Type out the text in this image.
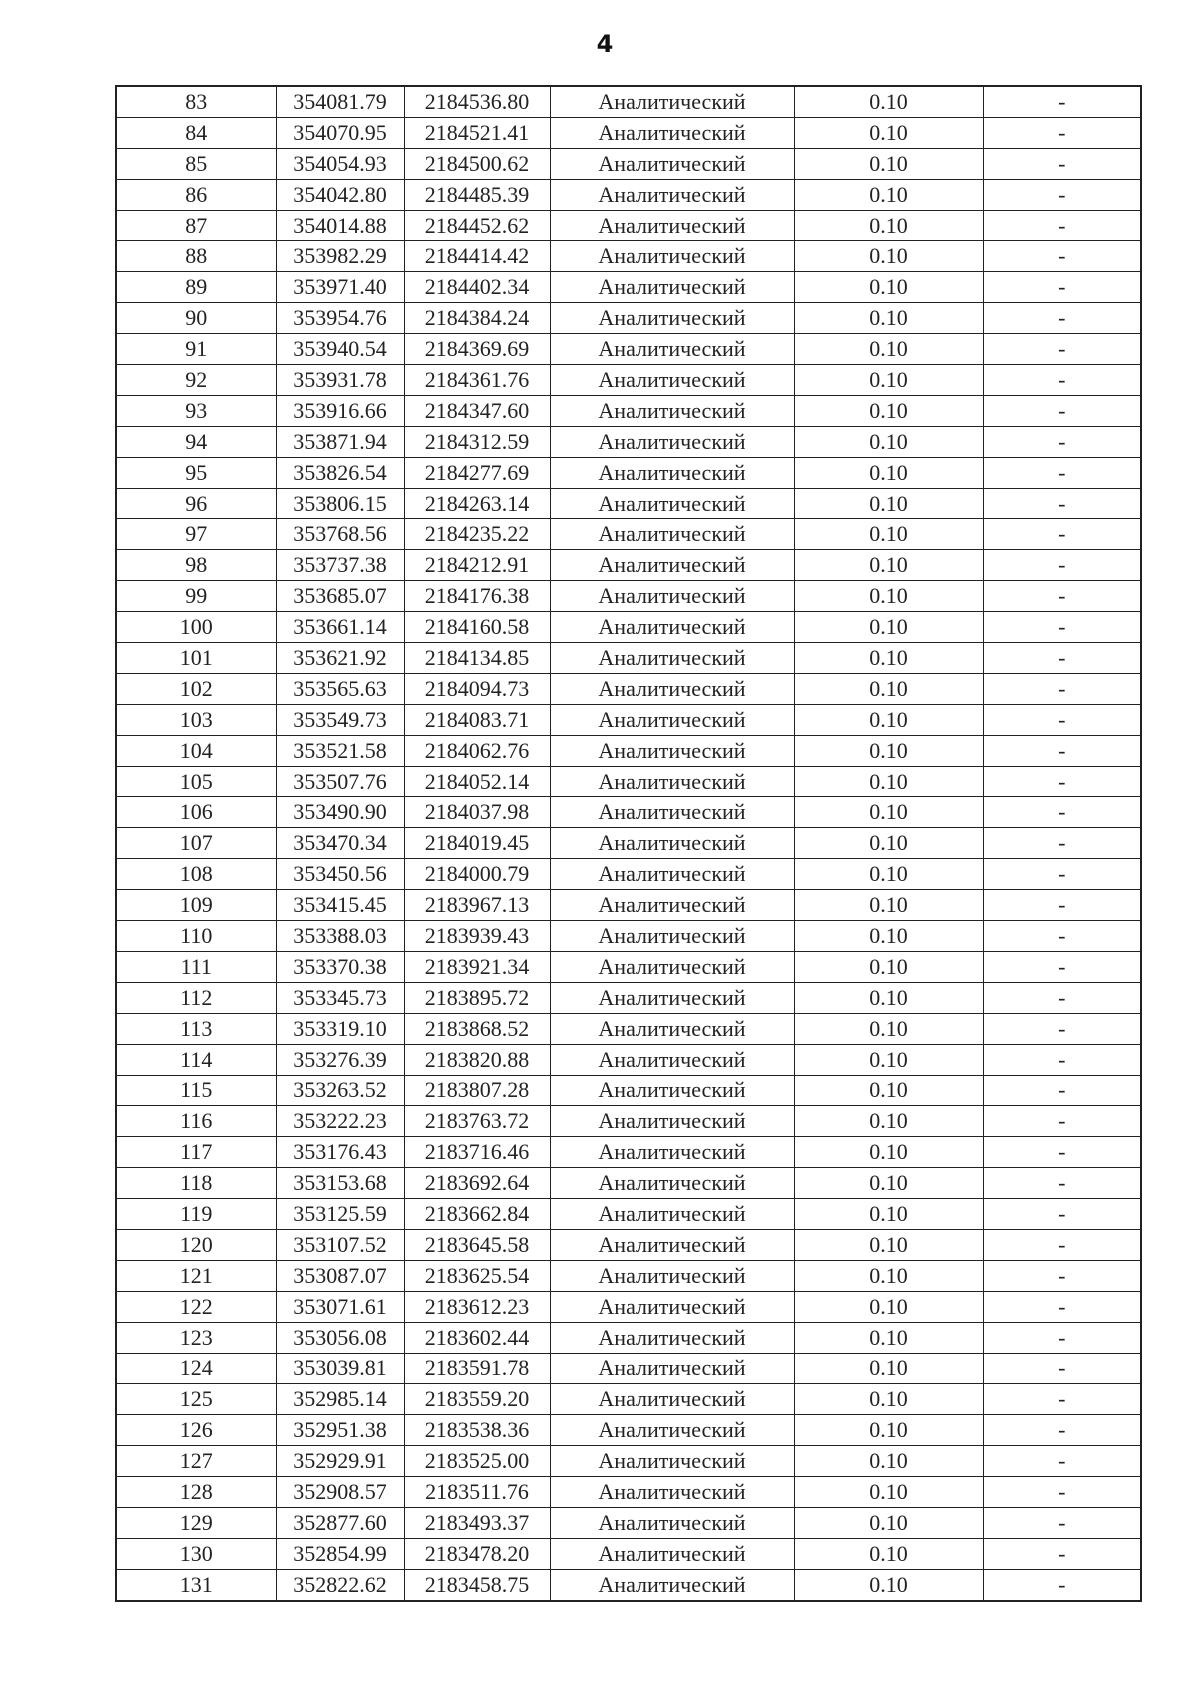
4
83	354081.79	2184536.80	Аналитический	0.10	-
84	354070.95	2184521.41	Аналитический	0.10	-
85	354054.93	2184500.62	Аналитический	0.10	-
86	354042.80	2184485.39	Аналитический	0.10	-
87	354014.88	2184452.62	Аналитический	0.10	-
88	353982.29	2184414.42	Аналитический	0.10	-
89	353971.40	2184402.34	Аналитический	0.10	-
90	353954.76	2184384.24	Аналитический	0.10	-
91	353940.54	2184369.69	Аналитический	0.10	-
92	353931.78	2184361.76	Аналитический	0.10	-
93	353916.66	2184347.60	Аналитический	0.10	-
94	353871.94	2184312.59	Аналитический	0.10	-
95	353826.54	2184277.69	Аналитический	0.10	-
96	353806.15	2184263.14	Аналитический	0.10	-
97	353768.56	2184235.22	Аналитический	0.10	-
98	353737.38	2184212.91	Аналитический	0.10	-
99	353685.07	2184176.38	Аналитический	0.10	-
100	353661.14	2184160.58	Аналитический	0.10	-
101	353621.92	2184134.85	Аналитический	0.10	-
102	353565.63	2184094.73	Аналитический	0.10	-
103	353549.73	2184083.71	Аналитический	0.10	-
104	353521.58	2184062.76	Аналитический	0.10	-
105	353507.76	2184052.14	Аналитический	0.10	-
106	353490.90	2184037.98	Аналитический	0.10	-
107	353470.34	2184019.45	Аналитический	0.10	-
108	353450.56	2184000.79	Аналитический	0.10	-
109	353415.45	2183967.13	Аналитический	0.10	-
110	353388.03	2183939.43	Аналитический	0.10	-
111	353370.38	2183921.34	Аналитический	0.10	-
112	353345.73	2183895.72	Аналитический	0.10	-
113	353319.10	2183868.52	Аналитический	0.10	-
114	353276.39	2183820.88	Аналитический	0.10	-
115	353263.52	2183807.28	Аналитический	0.10	-
116	353222.23	2183763.72	Аналитический	0.10	-
117	353176.43	2183716.46	Аналитический	0.10	-
118	353153.68	2183692.64	Аналитический	0.10	-
119	353125.59	2183662.84	Аналитический	0.10	-
120	353107.52	2183645.58	Аналитический	0.10	-
121	353087.07	2183625.54	Аналитический	0.10	-
122	353071.61	2183612.23	Аналитический	0.10	-
123	353056.08	2183602.44	Аналитический	0.10	-
124	353039.81	2183591.78	Аналитический	0.10	-
125	352985.14	2183559.20	Аналитический	0.10	-
126	352951.38	2183538.36	Аналитический	0.10	-
127	352929.91	2183525.00	Аналитический	0.10	-
128	352908.57	2183511.76	Аналитический	0.10	-
129	352877.60	2183493.37	Аналитический	0.10	-
130	352854.99	2183478.20	Аналитический	0.10	-
131	352822.62	2183458.75	Аналитический	0.10	-
